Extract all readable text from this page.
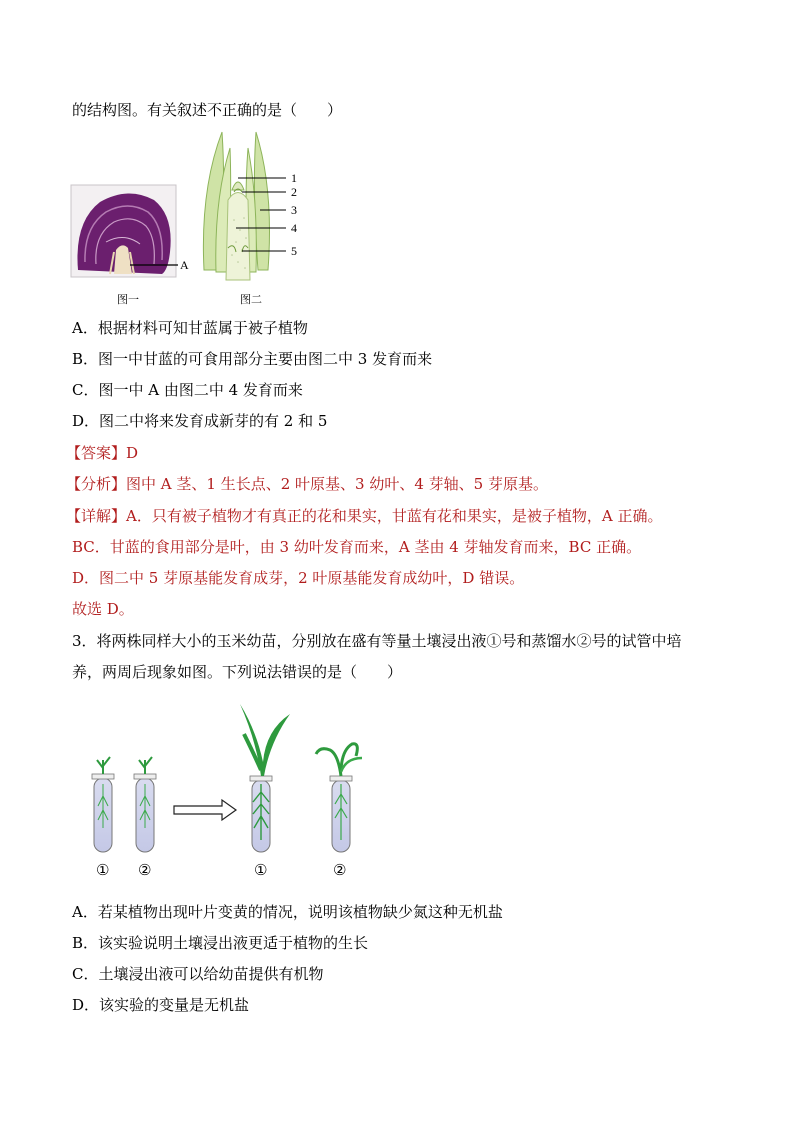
的结构图。有关叙述不正确的是（　　）
A
图一
1
2
3
4
5
图二
A．根据材料可知甘蓝属于被子植物
B．图一中甘蓝的可食用部分主要由图二中 3 发育而来
C．图一中 A 由图二中 4 发育而来
D．图二中将来发育成新芽的有 2 和 5
【答案】D
【分析】图中 A 茎、1 生长点、2 叶原基、3 幼叶、4 芽轴、5 芽原基。
【详解】A．只有被子植物才有真正的花和果实，甘蓝有花和果实，是被子植物，A 正确。
BC．甘蓝的食用部分是叶，由 3 幼叶发育而来，A 茎由 4 芽轴发育而来，BC 正确。
D．图二中 5 芽原基能发育成芽，2 叶原基能发育成幼叶，D 错误。
故选 D。
3．将两株同样大小的玉米幼苗，分别放在盛有等量土壤浸出液①号和蒸馏水②号的试管中培
养，两周后现象如图。下列说法错误的是（　　）
① ②	①	②
A．若某植物出现叶片变黄的情况，说明该植物缺少氮这种无机盐
B．该实验说明土壤浸出液更适于植物的生长
C．土壤浸出液可以给幼苗提供有机物
D．该实验的变量是无机盐
